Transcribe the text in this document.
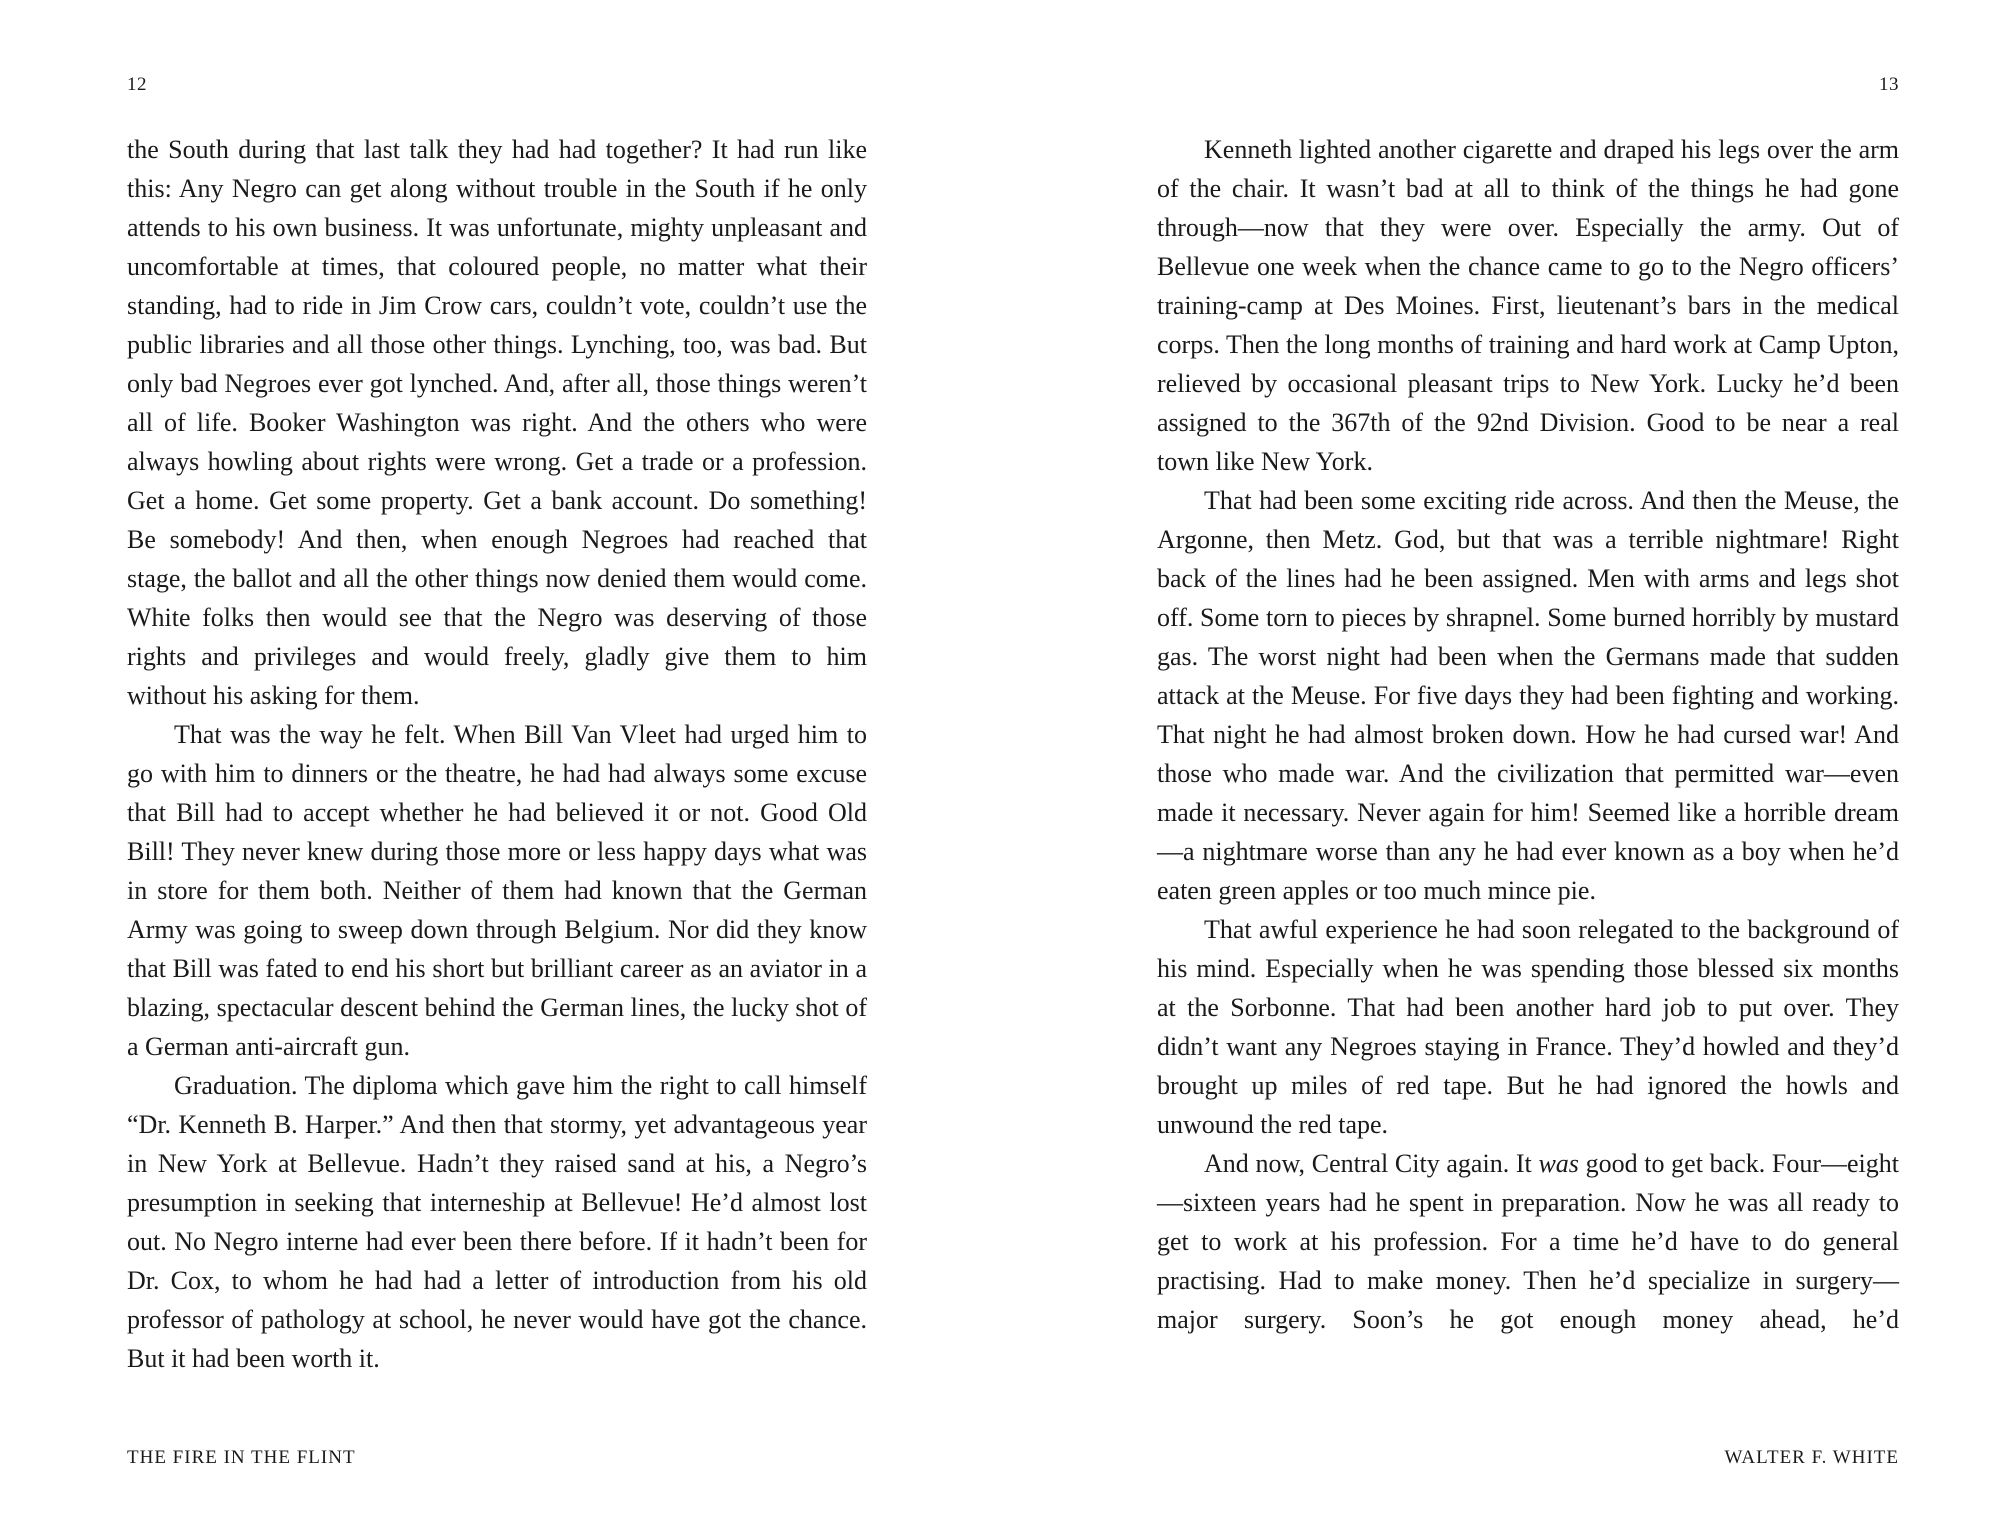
12

the South during that last talk they had had together? It had run like this: Any Negro can get along without trouble in the South if he only attends to his own business. It was unfortunate, mighty unpleasant and uncomfortable at times, that coloured people, no matter what their standing, had to ride in Jim Crow cars, couldn’t vote, couldn’t use the public libraries and all those other things. Lynching, too, was bad. But only bad Negroes ever got lynched. And, after all, those things weren’t all of life. Booker Washington was right. And the others who were always howling about rights were wrong. Get a trade or a profession. Get a home. Get some property. Get a bank account. Do something! Be somebody! And then, when enough Negroes had reached that stage, the ballot and all the other things now denied them would come. White folks then would see that the Negro was deserving of those rights and privileges and would freely, gladly give them to him without his asking for them.

That was the way he felt. When Bill Van Vleet had urged him to go with him to dinners or the theatre, he had had always some excuse that Bill had to accept whether he had believed it or not. Good Old Bill! They never knew during those more or less happy days what was in store for them both. Neither of them had known that the German Army was going to sweep down through Belgium. Nor did they know that Bill was fated to end his short but brilliant career as an aviator in a blazing, spectacular descent behind the German lines, the lucky shot of a German anti-aircraft gun.

Graduation. The diploma which gave him the right to call himself “Dr. Kenneth B. Harper.” And then that stormy, yet advantageous year in New York at Bellevue. Hadn’t they raised sand at his, a Negro’s presumption in seeking that interneship at Bellevue! He’d almost lost out. No Negro interne had ever been there before. If it hadn’t been for Dr. Cox, to whom he had had a letter of introduction from his old professor of pathology at school, he never would have got the chance. But it had been worth it.

THE FIRE IN THE FLINT
13

Kenneth lighted another cigarette and draped his legs over the arm of the chair. It wasn’t bad at all to think of the things he had gone through—now that they were over. Especially the army. Out of Bellevue one week when the chance came to go to the Negro officers’ training-camp at Des Moines. First, lieutenant’s bars in the medical corps. Then the long months of training and hard work at Camp Upton, relieved by occasional pleasant trips to New York. Lucky he’d been assigned to the 367th of the 92nd Division. Good to be near a real town like New York.

That had been some exciting ride across. And then the Meuse, the Argonne, then Metz. God, but that was a terrible nightmare! Right back of the lines had he been assigned. Men with arms and legs shot off. Some torn to pieces by shrapnel. Some burned horribly by mustard gas. The worst night had been when the Germans made that sudden attack at the Meuse. For five days they had been fighting and working. That night he had almost broken down. How he had cursed war! And those who made war. And the civilization that permitted war—even made it necessary. Never again for him! Seemed like a horrible dream—a nightmare worse than any he had ever known as a boy when he’d eaten green apples or too much mince pie.

That awful experience he had soon relegated to the background of his mind. Especially when he was spending those blessed six months at the Sorbonne. That had been another hard job to put over. They didn’t want any Negroes staying in France. They’d howled and they’d brought up miles of red tape. But he had ignored the howls and unwound the red tape.

And now, Central City again. It was good to get back. Four—eight—sixteen years had he spent in preparation. Now he was all ready to get to work at his profession. For a time he’d have to do general practising. Had to make money. Then he’d specialize in surgery—major surgery. Soon’s he got enough money ahead, he’d

WALTER F. WHITE
